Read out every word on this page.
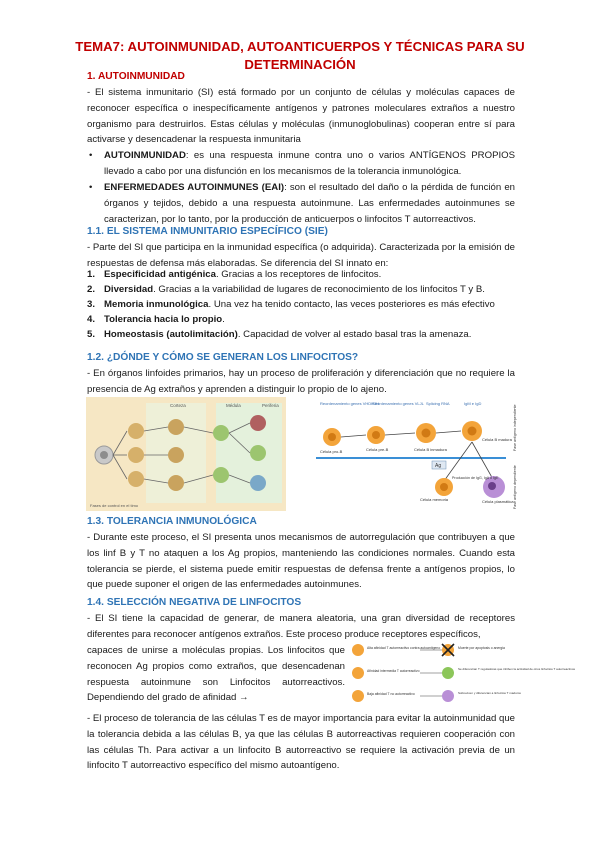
TEMA7: AUTOINMUNIDAD, AUTOANTICUERPOS Y TÉCNICAS PARA SU
DETERMINACIÓN
1. AUTOINMUNIDAD
- El sistema inmunitario (SI) está formado por un conjunto de células y moléculas capaces de reconocer específica o inespecíficamente antígenos y patrones moleculares extraños a nuestro organismo para destruirlos. Estas células y moléculas (inmunoglobulinas) cooperan entre sí para activarse y desencadenar la respuesta inmunitaria
• AUTOINMUNIDAD: es una respuesta inmune contra uno o varios ANTÍGENOS PROPIOS llevado a cabo por una disfunción en los mecanismos de la tolerancia inmunológica.
• ENFERMEDADES AUTOINMUNES (EAI): son el resultado del daño o la pérdida de función en órganos y tejidos, debido a una respuesta autoinmune. Las enfermedades autoinmunes se caracterizan, por lo tanto, por la producción de anticuerpos o linfocitos T autorreactivos.
1.1. EL SISTEMA INMUNITARIO ESPECÍFICO (SIE)
- Parte del SI que participa en la inmunidad específica (o adquirida). Caracterizada por la emisión de respuestas de defensa más elaboradas. Se diferencia del SI innato en:
1. Especificidad antigénica. Gracias a los receptores de linfocitos.
2. Diversidad. Gracias a la variabilidad de lugares de reconocimiento de los linfocitos T y B.
3. Memoria inmunológica. Una vez ha tenido contacto, las veces posteriores es más efectivo
4. Tolerancia hacia lo propio.
5. Homeostasis (autolimitación). Capacidad de volver al estado basal tras la amenaza.
1.2. ¿DÓNDE Y CÓMO SE GENERAN LOS LINFOCITOS?
- En órganos linfoides primarios, hay un proceso de proliferación y diferenciación que no requiere la presencia de Ag extraños y aprenden a distinguir lo propio de lo ajeno.
Corteza	Médula	Periferia
Fases de control en el timo
Reordenamiento genes VHDHJH
Reordenamiento genes VLJL Splicing RNA	IgM e IgD
Célula pro-B	Célula pre-B	Célula B inmadura
Célula B madura
Ag
Célula memoria	Célula plasmática
Producción de IgG, IgA o IgE
Fase antígeno independiente
Fase antígeno dependiente
1.3. TOLERANCIA INMUNOLÓGICA
- Durante este proceso, el SI presenta unos mecanismos de autorregulación que contribuyen a que los linf B y T no ataquen a los Ag propios, manteniendo las condiciones normales. Cuando esta tolerancia se pierde, el sistema puede emitir respuestas de defensa frente a antígenos propios, lo que puede suponer el origen de las enfermedades autoinmunes.
1.4. SELECCIÓN NEGATIVA DE LINFOCITOS
- El SI tiene la capacidad de generar, de manera aleatoria, una gran diversidad de receptores diferentes para reconocer antígenos extraños. Este proceso produce receptores específicos,
capaces de unirse a moléculas propias. Los linfocitos que reconocen Ag propios como extraños, que desencadenan respuesta autoinmune son Linfocitos autorreactivos. Dependiendo del grado de afinidad →
Alta afinidad T autorreactivo contra autoantígeno
Afinidad intermedia T autorreactivo
Baja afinidad T no autorreactivo
Muerte por apoptosis o anergia
Se diferencian T reguladoras que inhiben la actividad de otros linfocitos T autorreactivos
Sobreviven y diferencian a linfocitos T maduros
- El proceso de tolerancia de las células T es de mayor importancia para evitar la autoinmunidad que la tolerancia debida a las células B, ya que las células B autorreactivas requieren cooperación con las células Th. Para activar a un linfocito B autorreactivo se requiere la activación previa de un linfocito T autorreactivo específico del mismo autoantígeno.
